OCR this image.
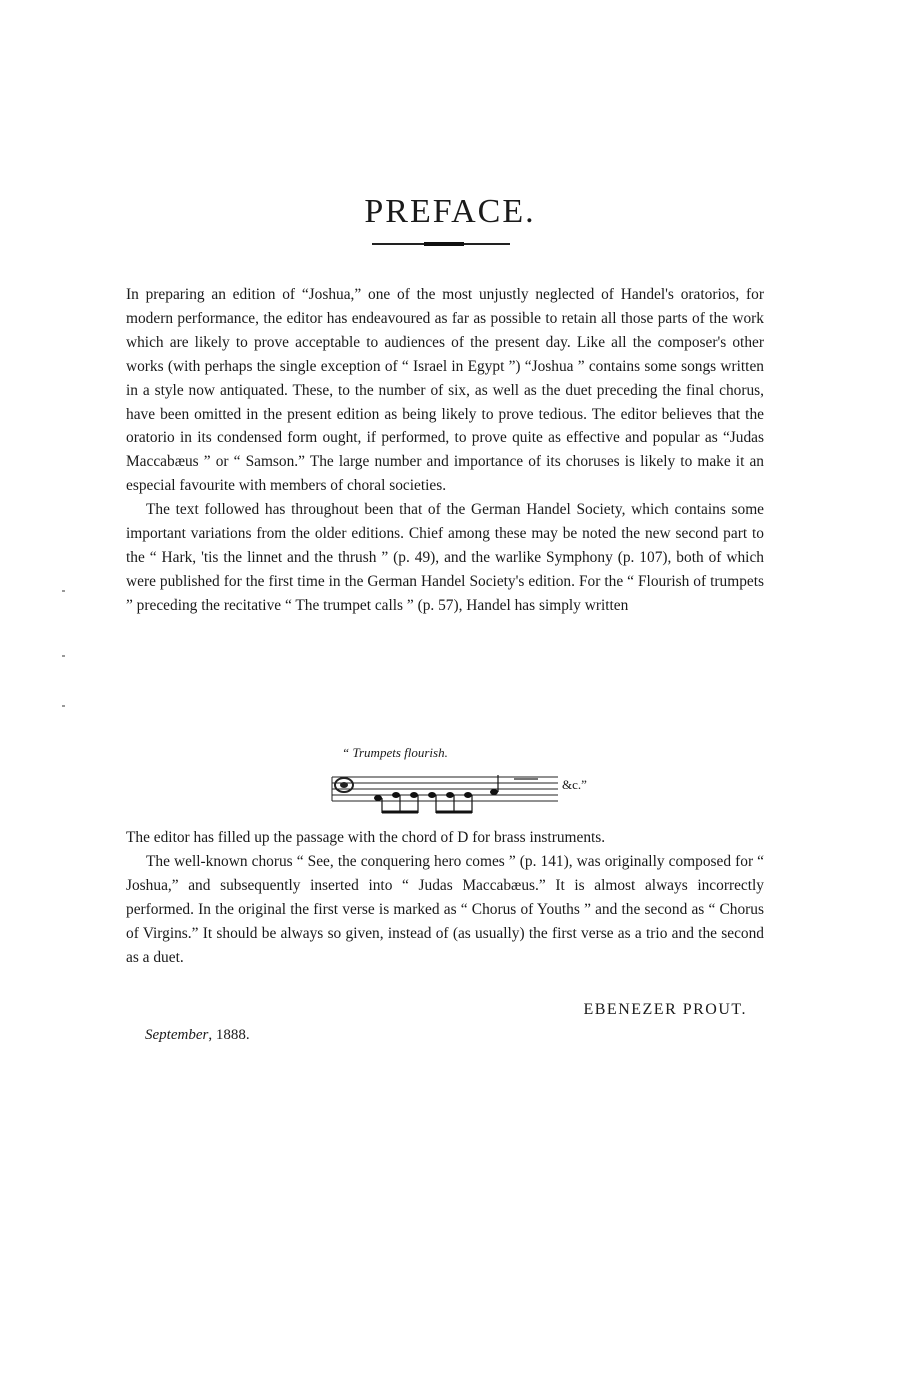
PREFACE.

In preparing an edition of “Joshua,” one of the most unjustly neglected of Handel's oratorios, for modern performance, the editor has endeavoured as far as possible to retain all those parts of the work which are likely to prove acceptable to audiences of the present day. Like all the composer's other works (with perhaps the single exception of “ Israel in Egypt ”) “Joshua ” contains some songs written in a style now antiquated. These, to the number of six, as well as the duet preceding the final chorus, have been omitted in the present edition as being likely to prove tedious. The editor believes that the oratorio in its condensed form ought, if performed, to prove quite as effective and popular as “Judas Maccabæus ” or “ Samson.” The large number and importance of its choruses is likely to make it an especial favourite with members of choral societies.

The text followed has throughout been that of the German Handel Society, which contains some important variations from the older editions. Chief among these may be noted the new second part to the “ Hark, 'tis the linnet and the thrush ” (p. 49), and the warlike Symphony (p. 107), both of which were published for the first time in the German Handel Society's edition. For the “ Flourish of trumpets ” preceding the recitative “ The trumpet calls ” (p. 57), Handel has simply written

“ Trumpets flourish.
&c.”

The editor has filled up the passage with the chord of D for brass instruments.

The well-known chorus “ See, the conquering hero comes ” (p. 141), was originally composed for “ Joshua,” and subsequently inserted into “ Judas Maccabæus.” It is almost always incorrectly performed. In the original the first verse is marked as “ Chorus of Youths ” and the second as “ Chorus of Virgins.” It should be always so given, instead of (as usually) the first verse as a trio and the second as a duet.

EBENEZER PROUT.
September, 1888.
